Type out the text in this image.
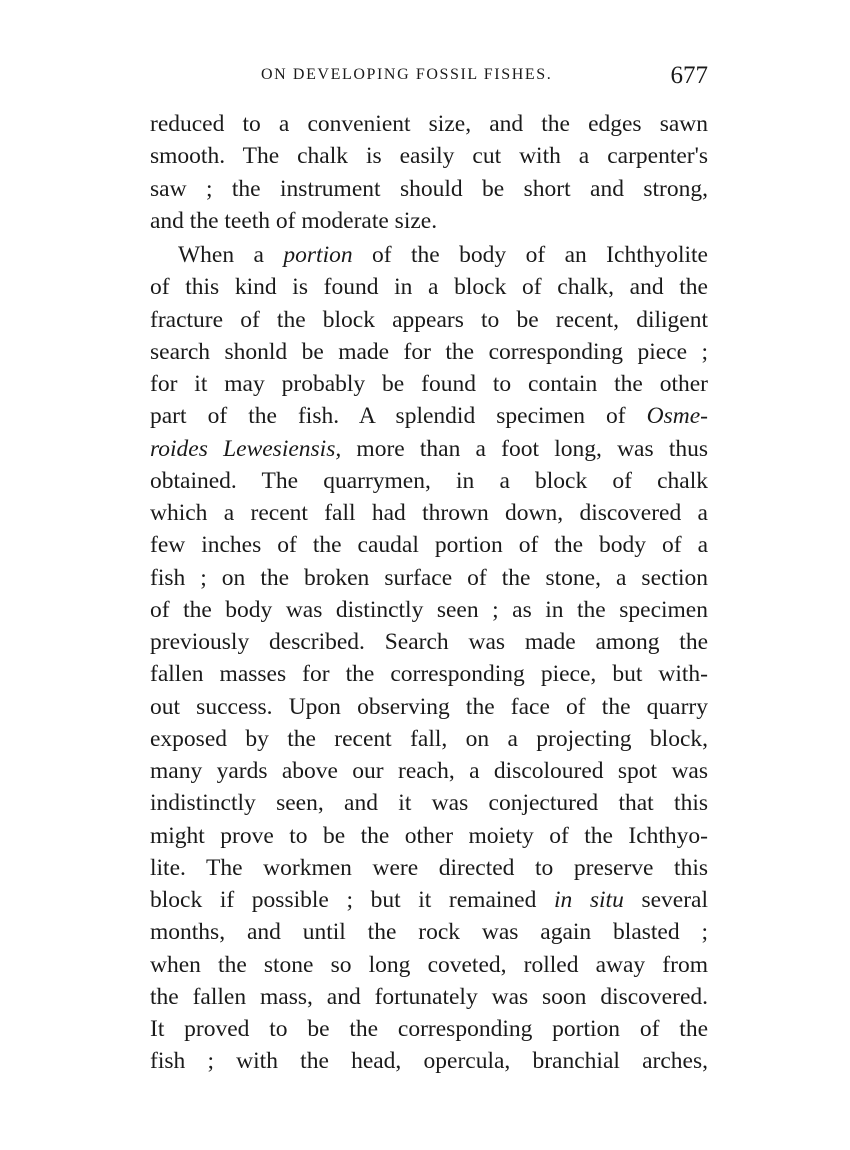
ON DEVELOPING FOSSIL FISHES.	677
reduced to a convenient size, and the edges sawn
smooth. The chalk is easily cut with a carpenter's
saw ; the instrument should be short and strong,
and the teeth of moderate size.
When a portion of the body of an Ichthyolite
of this kind is found in a block of chalk, and the
fracture of the block appears to be recent, diligent
search shonld be made for the corresponding piece ;
for it may probably be found to contain the other
part of the fish. A splendid specimen of Osme-
roides Lewesiensis, more than a foot long, was thus
obtained. The quarrymen, in a block of chalk
which a recent fall had thrown down, discovered a
few inches of the caudal portion of the body of a
fish ; on the broken surface of the stone, a section
of the body was distinctly seen ; as in the specimen
previously described. Search was made among the
fallen masses for the corresponding piece, but with-
out success. Upon observing the face of the quarry
exposed by the recent fall, on a projecting block,
many yards above our reach, a discoloured spot was
indistinctly seen, and it was conjectured that this
might prove to be the other moiety of the Ichthyo-
lite. The workmen were directed to preserve this
block if possible ; but it remained in situ several
months, and until the rock was again blasted ;
when the stone so long coveted, rolled away from
the fallen mass, and fortunately was soon discovered.
It proved to be the corresponding portion of the
fish ; with the head, opercula, branchial arches,
